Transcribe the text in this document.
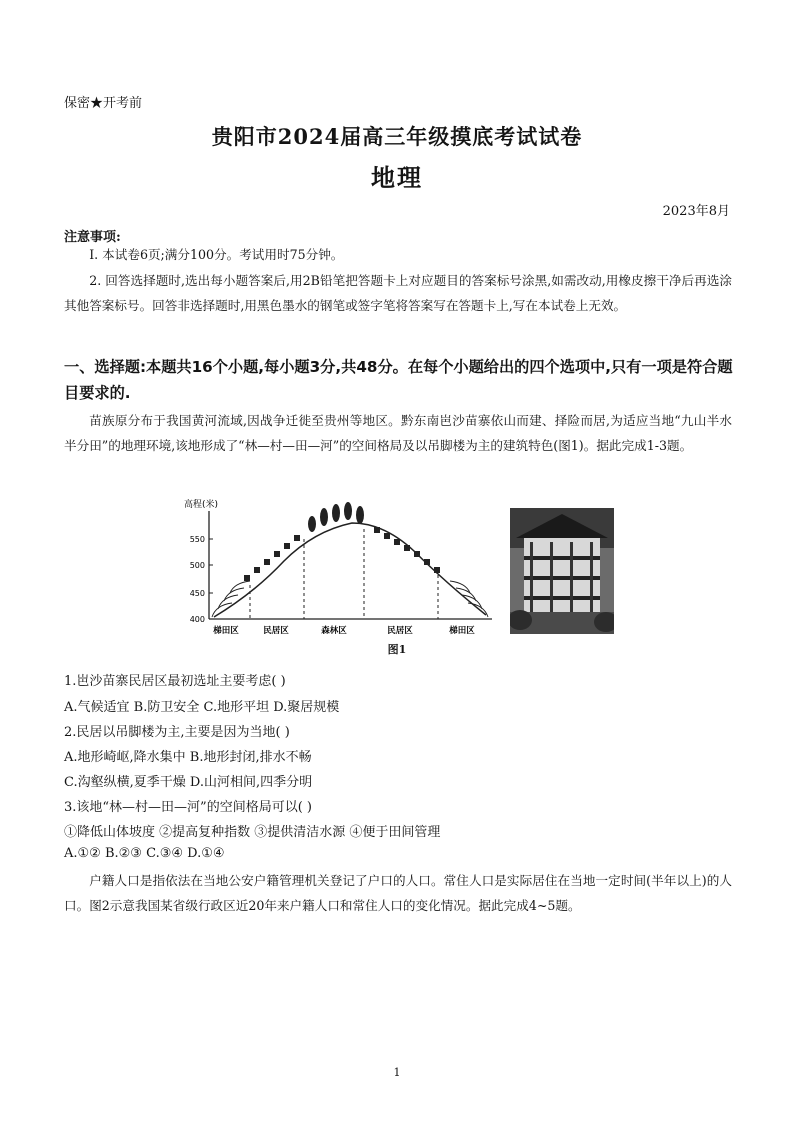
保密★开考前
贵阳市2024届高三年级摸底考试试卷
地理
2023年8月
注意事项:
I. 本试卷6页;满分100分。考试用时75分钟。
2. 回答选择题时,选出每小题答案后,用2B铅笔把答题卡上对应题目的答案标号涂黑,如需改动,用橡皮擦干净后再选涂其他答案标号。回答非选择题时,用黑色墨水的钢笔或签字笔将答案写在答题卡上,写在本试卷上无效。
一、选择题:本题共16个小题,每小题3分,共48分。在每个小题给出的四个选项中,只有一项是符合题目要求的.
苗族原分布于我国黄河流域,因战争迁徙至贵州等地区。黔东南岜沙苗寨依山而建、择险而居,为适应当地“九山半水半分田”的地理环境,该地形成了“林—村—田—河”的空间格局及以吊脚楼为主的建筑特色(图1)。据此完成1-3题。
高程(米)
550
500
450
400
梯田区	民居区	森林区	民居区	梯田区
图1
1.岜沙苗寨民居区最初选址主要考虑( )
A.气候适宜 B.防卫安全 C.地形平坦 D.聚居规模
2.民居以吊脚楼为主,主要是因为当地( )
A.地形崎岖,降水集中 B.地形封闭,排水不畅
C.沟壑纵横,夏季干燥 D.山河相间,四季分明
3.该地“林—村—田—河”的空间格局可以( )
①降低山体坡度 ②提高复种指数 ③提供清洁水源 ④便于田间管理
A.①② B.②③ C.③④ D.①④
户籍人口是指依法在当地公安户籍管理机关登记了户口的人口。常住人口是实际居住在当地一定时间(半年以上)的人口。图2示意我国某省级行政区近20年来户籍人口和常住人口的变化情况。据此完成4~5题。
1
